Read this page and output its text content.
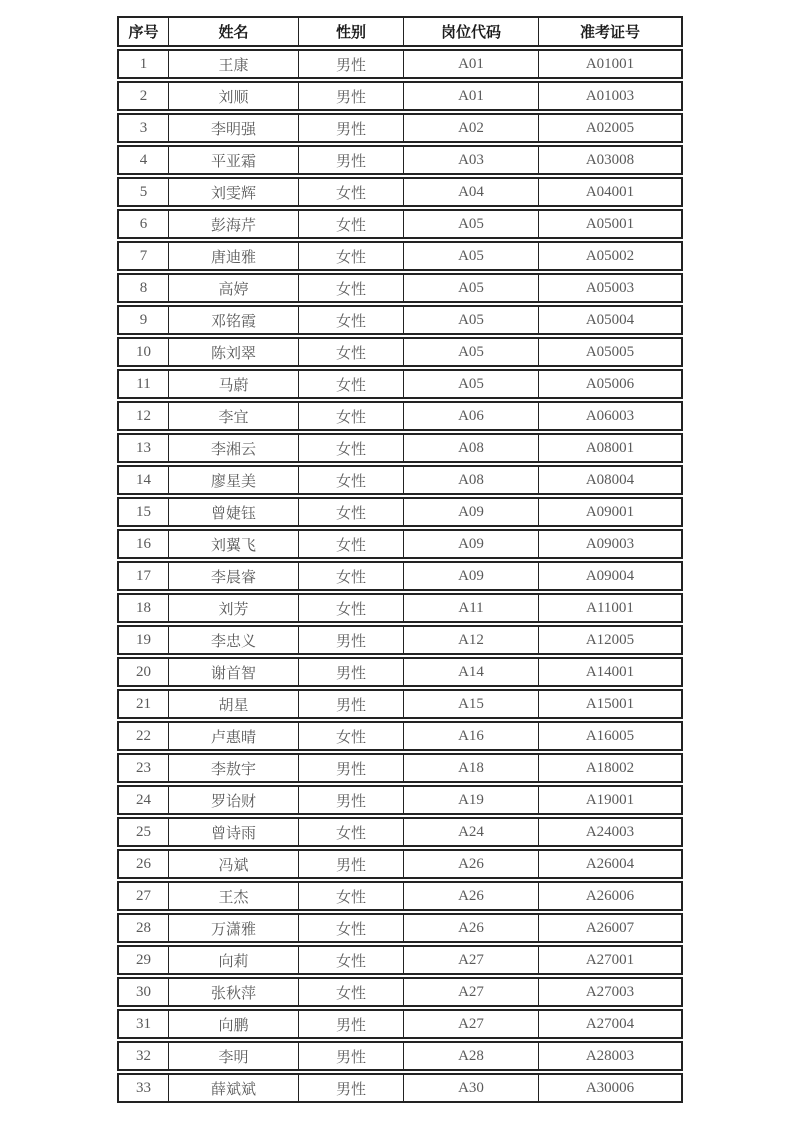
序号	姓名	性别	岗位代码	准考证号
1	王康	男性	A01	A01001
2	刘顺	男性	A01	A01003
3	李明强	男性	A02	A02005
4	平亚霜	男性	A03	A03008
5	刘雯辉	女性	A04	A04001
6	彭海芹	女性	A05	A05001
7	唐迪雅	女性	A05	A05002
8	高婷	女性	A05	A05003
9	邓铭霞	女性	A05	A05004
10	陈刘翠	女性	A05	A05005
11	马蔚	女性	A05	A05006
12	李宜	女性	A06	A06003
13	李湘云	女性	A08	A08001
14	廖星美	女性	A08	A08004
15	曾婕钰	女性	A09	A09001
16	刘翼飞	女性	A09	A09003
17	李晨睿	女性	A09	A09004
18	刘芳	女性	A11	A11001
19	李忠义	男性	A12	A12005
20	谢首智	男性	A14	A14001
21	胡星	男性	A15	A15001
22	卢惠晴	女性	A16	A16005
23	李敖宇	男性	A18	A18002
24	罗诒财	男性	A19	A19001
25	曾诗雨	女性	A24	A24003
26	冯斌	男性	A26	A26004
27	王杰	女性	A26	A26006
28	万潇雅	女性	A26	A26007
29	向莉	女性	A27	A27001
30	张秋萍	女性	A27	A27003
31	向鹏	男性	A27	A27004
32	李明	男性	A28	A28003
33	薛斌斌	男性	A30	A30006
